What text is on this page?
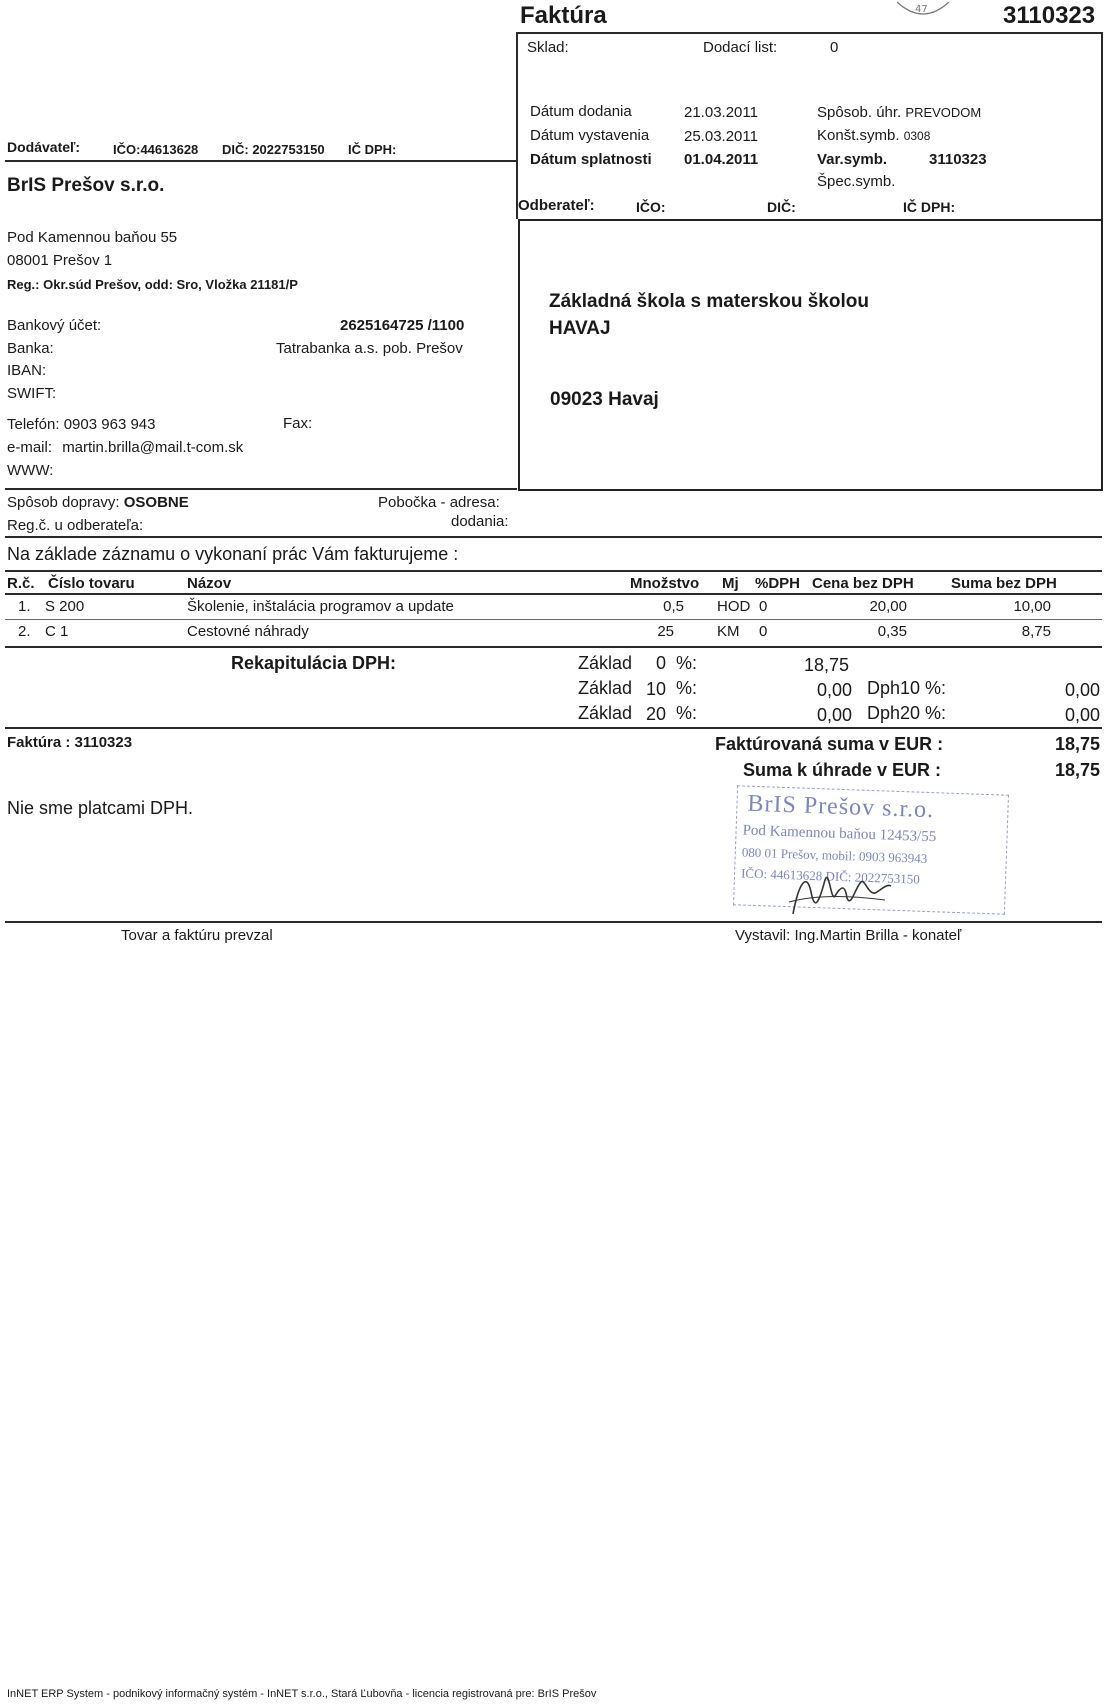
Faktúra	3110323
47
Sklad:	Dodací list:	0
Dátum dodania	21.03.2011
Dátum vystavenia 25.03.2011
Dátum splatnosti 01.04.2011
Spôsob. úhr. PREVODOM
Konšt.symb. 0308
Var.symb.	3110323
Špec.symb.
Dodávateľ:	IČO:44613628 DIČ: 2022753150 IČ DPH:
BrIS Prešov s.r.o.
Odberateľ:	IČO:	DIČ:	IČ DPH:
Základná škola s materskou školou
HAVAJ
09023 Havaj
Pod Kamennou baňou 55
08001 Prešov 1
Reg.: Okr.súd Prešov, odd: Sro, Vložka 21181/P
Bankový účet:	2625164725 /1100
Banka:	Tatrabanka a.s. pob. Prešov
IBAN:
SWIFT:
Telefón: 0903 963 943	Fax:
e-mail: martin.brilla@mail.t-com.sk
WWW:
Spôsob dopravy: OSOBNE
Reg.č. u odberateľa:
Pobočka - adresa:
dodania:
Na základe záznamu o vykonaní prác Vám fakturujeme :
R.č. Číslo tovaru	Názov	Množstvo Mj %DPH Cena bez DPH Suma bez DPH
1. S 200	Školenie, inštalácia programov a update	0,5 HOD 0	20,00	10,00
2. C 1	Cestovné náhrady	25	KM 0	0,35	8,75
Rekapitulácia DPH:	Základ 0 %:	18,75
Základ 10 %:	0,00 Dph10 %:	0,00
Základ 20 %:	0,00 Dph20 %:	0,00
Faktúra : 3110323	Faktúrovaná suma v EUR :	18,75
Suma k úhrade v EUR :	18,75
Nie sme platcami DPH.	BrIS Prešov s.r.o.
Pod Kamennou baňou 12453/55
080 01 Prešov, mobil: 0903 963943
IČO: 44613628 DIČ: 2022753150
Tovar a faktúru prevzal	Vystavil: Ing.Martin Brilla - konateľ
InNET ERP System - podnikový informačný systém - InNET s.r.o., Stará Ľubovňa - licencia registrovaná pre: BrIS Prešov
